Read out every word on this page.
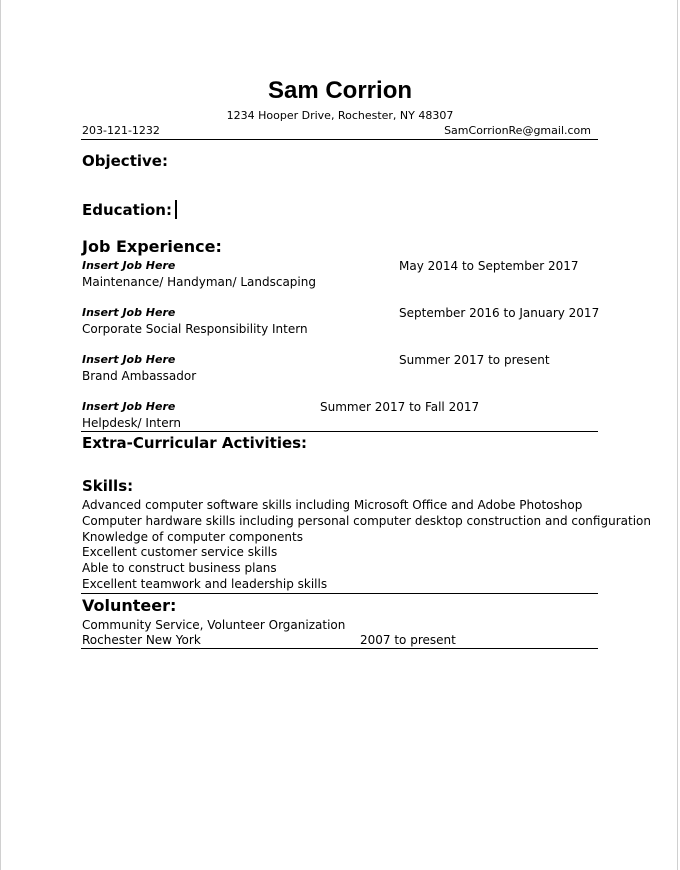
Sam Corrion
1234 Hooper Drive, Rochester, NY 48307
203-121-1232	SamCorrionRe@gmail.com
Objective:
Education:
Job Experience:
Insert Job Here	May 2014 to September 2017
Maintenance/ Handyman/ Landscaping
Insert Job Here	September 2016 to January 2017
Corporate Social Responsibility Intern
Insert Job Here	Summer 2017 to present
Brand Ambassador
Insert Job Here	Summer 2017 to Fall 2017
Helpdesk/ Intern
Extra-Curricular Activities:
Skills:
Advanced computer software skills including Microsoft Office and Adobe Photoshop
Computer hardware skills including personal computer desktop construction and configuration
Knowledge of computer components
Excellent customer service skills
Able to construct business plans
Excellent teamwork and leadership skills
Volunteer:
Community Service, Volunteer Organization
Rochester New York	2007 to present
